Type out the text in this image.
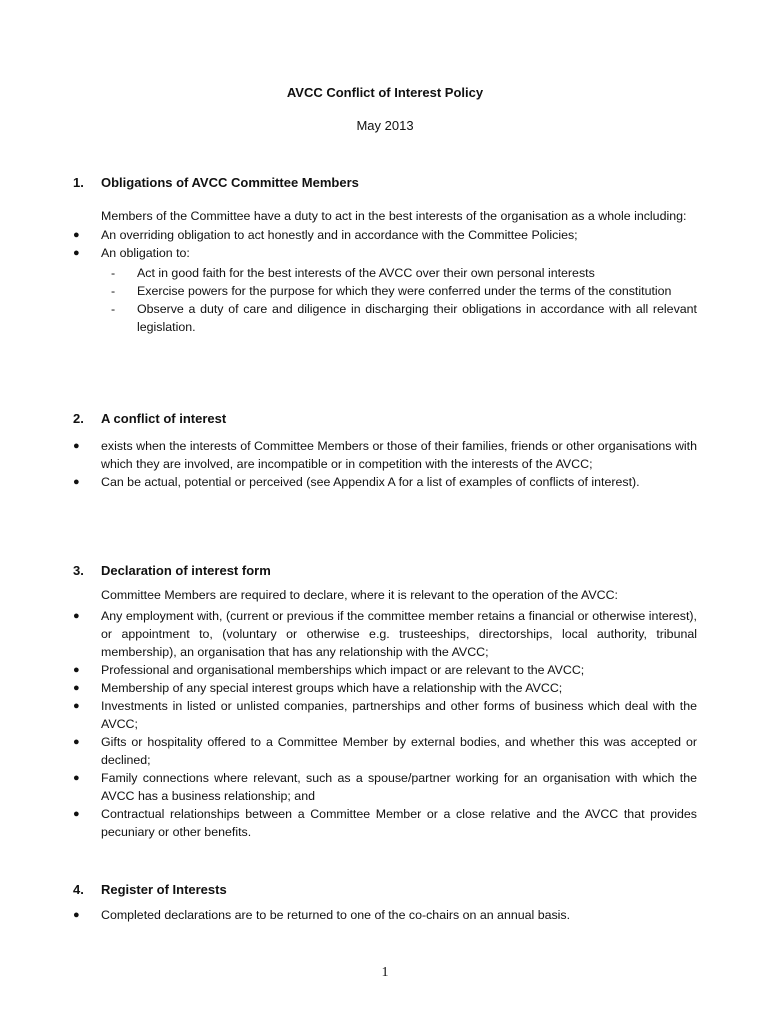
AVCC Conflict of Interest Policy
May 2013
1. Obligations of AVCC Committee Members
Members of the Committee have a duty to act in the best interests of the organisation as a whole including:
● An overriding obligation to act honestly and in accordance with the Committee Policies;
● An obligation to:
- Act in good faith for the best interests of the AVCC over their own personal interests
- Exercise powers for the purpose for which they were conferred under the terms of the constitution
- Observe a duty of care and diligence in discharging their obligations in accordance with all relevant legislation.
2. A conflict of interest
● exists when the interests of Committee Members or those of their families, friends or other organisations with which they are involved, are incompatible or in competition with the interests of the AVCC;
● Can be actual, potential or perceived (see Appendix A for a list of examples of conflicts of interest).
3. Declaration of interest form
Committee Members are required to declare, where it is relevant to the operation of the AVCC:
● Any employment with, (current or previous if the committee member retains a financial or otherwise interest), or appointment to, (voluntary or otherwise e.g. trusteeships, directorships, local authority, tribunal membership), an organisation that has any relationship with the AVCC;
● Professional and organisational memberships which impact or are relevant to the AVCC;
● Membership of any special interest groups which have a relationship with the AVCC;
● Investments in listed or unlisted companies, partnerships and other forms of business which deal with the AVCC;
● Gifts or hospitality offered to a Committee Member by external bodies, and whether this was accepted or declined;
● Family connections where relevant, such as a spouse/partner working for an organisation with which the AVCC has a business relationship; and
● Contractual relationships between a Committee Member or a close relative and the AVCC that provides pecuniary or other benefits.
4. Register of Interests
● Completed declarations are to be returned to one of the co-chairs on an annual basis.
1
